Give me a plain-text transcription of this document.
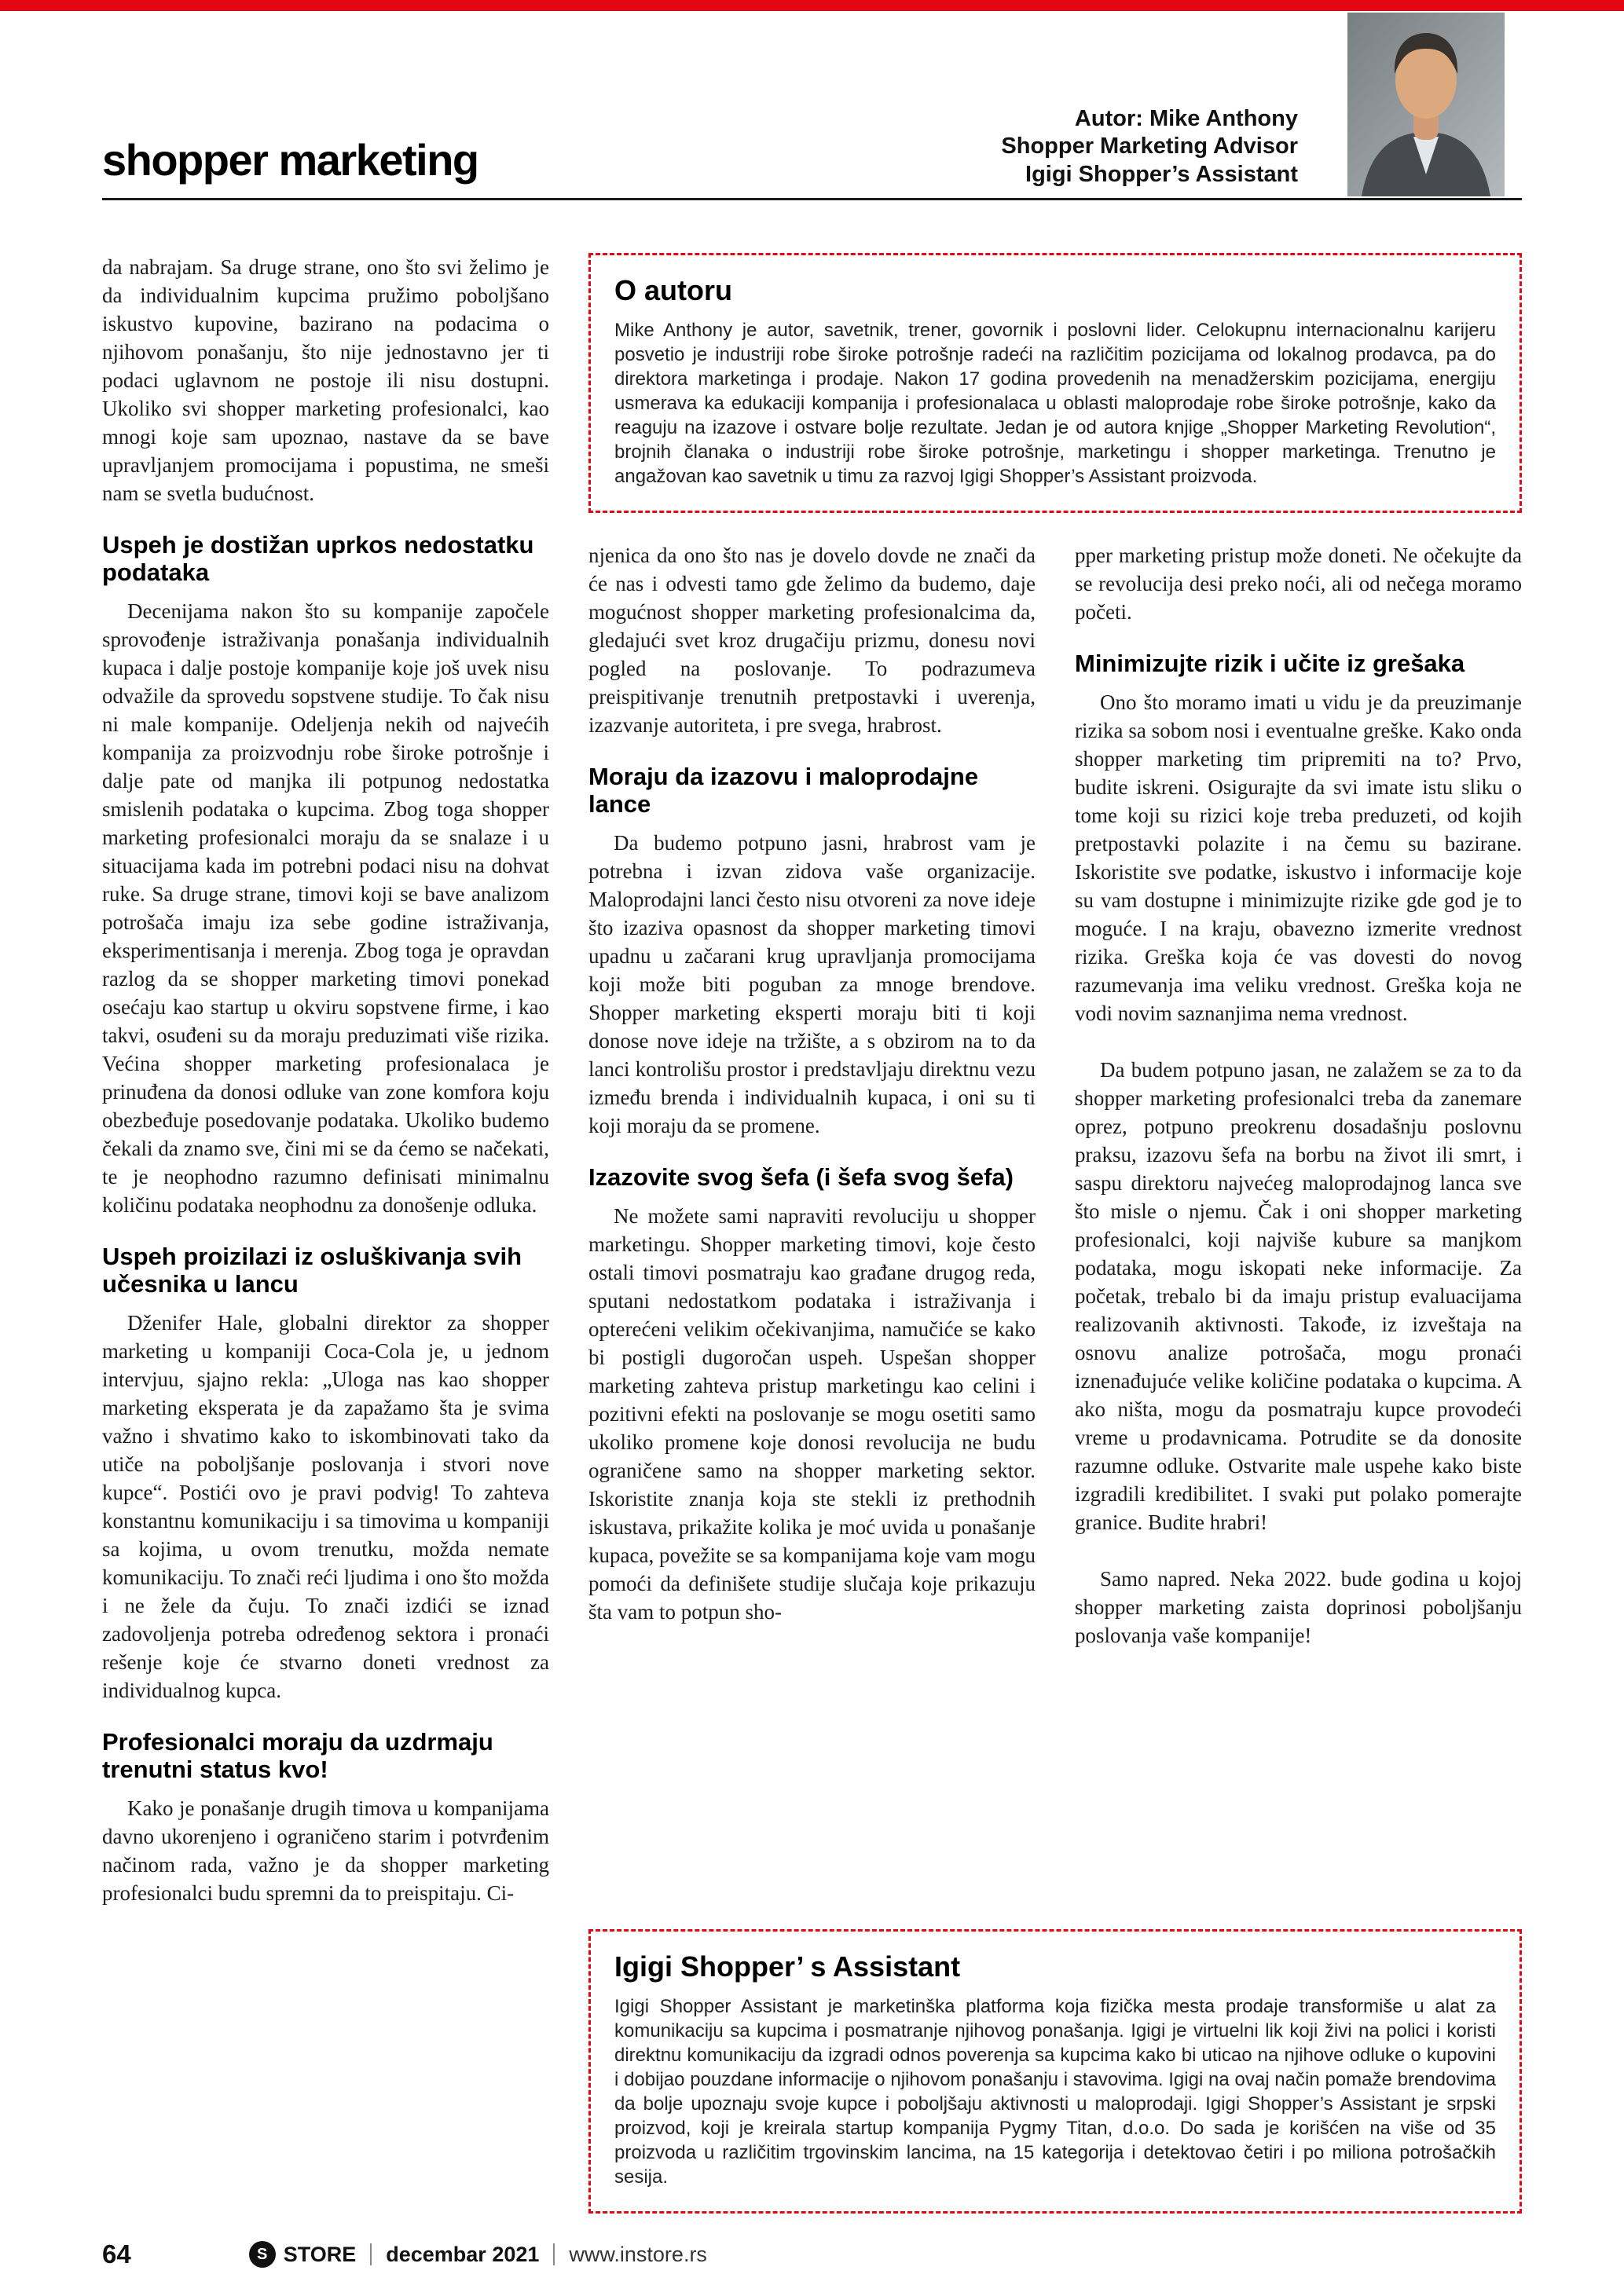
shopper marketing
Autor: Mike Anthony
Shopper Marketing Advisor
Igigi Shopper’s Assistant

da nabrajam. Sa druge strane, ono što svi želimo je da individualnim kupcima pružimo poboljšano iskustvo kupovine, bazirano na podacima o njihovom ponašanju, što nije jednostavno jer ti podaci uglavnom ne postoje ili nisu dostupni. Ukoliko svi shopper marketing profesionalci, kao mnogi koje sam upoznao, nastave da se bave upravljanjem promocijama i popustima, ne smeši nam se svetla budućnost.

Uspeh je dostižan uprkos nedostatku podataka

Decenijama nakon što su kompanije započele sprovođenje istraživanja ponašanja individualnih kupaca i dalje postoje kompanije koje još uvek nisu odvažile da sprovedu sopstvene studije. To čak nisu ni male kompanije. Odeljenja nekih od najvećih kompanija za proizvodnju robe široke potrošnje i dalje pate od manjka ili potpunog nedostatka smislenih podataka o kupcima. Zbog toga shopper marketing profesionalci moraju da se snalaze i u situacijama kada im potrebni podaci nisu na dohvat ruke. Sa druge strane, timovi koji se bave analizom potrošača imaju iza sebe godine istraživanja, eksperimentisanja i merenja. Zbog toga je opravdan razlog da se shopper marketing timovi ponekad osećaju kao startup u okviru sopstvene firme, i kao takvi, osuđeni su da moraju preduzimati više rizika. Većina shopper marketing profesionalaca je prinuđena da donosi odluke van zone komfora koju obezbeđuje posedovanje podataka. Ukoliko budemo čekali da znamo sve, čini mi se da ćemo se načekati, te je neophodno razumno definisati minimalnu količinu podataka neophodnu za donošenje odluka.

Uspeh proizilazi iz osluškivanja svih učesnika u lancu

Dženifer Hale, globalni direktor za shopper marketing u kompaniji Coca-Cola je, u jednom intervjuu, sjajno rekla: „Uloga nas kao shopper marketing eksperata je da zapažamo šta je svima važno i shvatimo kako to iskombinovati tako da utiče na poboljšanje poslovanja i stvori nove kupce“. Postići ovo je pravi podvig! To zahteva konstantnu komunikaciju i sa timovima u kompaniji sa kojima, u ovom trenutku, možda nemate komunikaciju. To znači reći ljudima i ono što možda i ne žele da čuju. To znači izdići se iznad zadovoljenja potreba određenog sektora i pronaći rešenje koje će stvarno doneti vrednost za individualnog kupca.

Profesionalci moraju da uzdrmaju trenutni status kvo!

Kako je ponašanje drugih timova u kompanijama davno ukorenjeno i ograničeno starim i potvrđenim načinom rada, važno je da shopper marketing profesionalci budu spremni da to preispitaju. Ci-

O autoru

Mike Anthony je autor, savetnik, trener, govornik i poslovni lider. Celokupnu internacionalnu karijeru posvetio je industriji robe široke potrošnje radeći na različitim pozicijama od lokalnog prodavca, pa do direktora marketinga i prodaje. Nakon 17 godina provedenih na menadžerskim pozicijama, energiju usmerava ka edukaciji kompanija i profesionalaca u oblasti maloprodaje robe široke potrošnje, kako da reaguju na izazove i ostvare bolje rezultate. Jedan je od autora knjige „Shopper Marketing Revolution“, brojnih članaka o industriji robe široke potrošnje, marketingu i shopper marketinga. Trenutno je angažovan kao savetnik u timu za razvoj Igigi Shopper’s Assistant proizvoda.

njenica da ono što nas je dovelo dovde ne znači da će nas i odvesti tamo gde želimo da budemo, daje mogućnost shopper marketing profesionalcima da, gledajući svet kroz drugačiju prizmu, donesu novi pogled na poslovanje. To podrazumeva preispitivanje trenutnih pretpostavki i uverenja, izazvanje autoriteta, i pre svega, hrabrost.

Moraju da izazovu i maloprodajne lance

Da budemo potpuno jasni, hrabrost vam je potrebna i izvan zidova vaše organizacije. Maloprodajni lanci često nisu otvoreni za nove ideje što izaziva opasnost da shopper marketing timovi upadnu u začarani krug upravljanja promocijama koji može biti poguban za mnoge brendove. Shopper marketing eksperti moraju biti ti koji donose nove ideje na tržište, a s obzirom na to da lanci kontrolišu prostor i predstavljaju direktnu vezu između brenda i individualnih kupaca, i oni su ti koji moraju da se promene.

Izazovite svog šefa (i šefa svog šefa)

Ne možete sami napraviti revoluciju u shopper marketingu. Shopper marketing timovi, koje često ostali timovi posmatraju kao građane drugog reda, sputani nedostatkom podataka i istraživanja i opterećeni velikim očekivanjima, namučiće se kako bi postigli dugoročan uspeh. Uspešan shopper marketing zahteva pristup marketingu kao celini i pozitivni efekti na poslovanje se mogu osetiti samo ukoliko promene koje donosi revolucija ne budu ograničene samo na shopper marketing sektor. Iskoristite znanja koja ste stekli iz prethodnih iskustava, prikažite kolika je moć uvida u ponašanje kupaca, povežite se sa kompanijama koje vam mogu pomoći da definišete studije slučaja koje prikazuju šta vam to potpun sho-

pper marketing pristup može doneti. Ne očekujte da se revolucija desi preko noći, ali od nečega moramo početi.

Minimizujte rizik i učite iz grešaka

Ono što moramo imati u vidu je da preuzimanje rizika sa sobom nosi i eventualne greške. Kako onda shopper marketing tim pripremiti na to? Prvo, budite iskreni. Osigurajte da svi imate istu sliku o tome koji su rizici koje treba preduzeti, od kojih pretpostavki polazite i na čemu su bazirane. Iskoristite sve podatke, iskustvo i informacije koje su vam dostupne i minimizujte rizike gde god je to moguće. I na kraju, obavezno izmerite vrednost rizika. Greška koja će vas dovesti do novog razumevanja ima veliku vrednost. Greška koja ne vodi novim saznanjima nema vrednost.

Da budem potpuno jasan, ne zalažem se za to da shopper marketing profesionalci treba da zanemare oprez, potpuno preokrenu dosadašnju poslovnu praksu, izazovu šefa na borbu na život ili smrt, i saspu direktoru najvećeg maloprodajnog lanca sve što misle o njemu. Čak i oni shopper marketing profesionalci, koji najviše kubure sa manjkom podataka, mogu iskopati neke informacije. Za početak, trebalo bi da imaju pristup evaluacijama realizovanih aktivnosti. Takođe, iz izveštaja na osnovu analize potrošača, mogu pronaći iznenađujuće velike količine podataka o kupcima. A ako ništa, mogu da posmatraju kupce provodeći vreme u prodavnicama. Potrudite se da donosite razumne odluke. Ostvarite male uspehe kako biste izgradili kredibilitet. I svaki put polako pomerajte granice. Budite hrabri!

Samo napred. Neka 2022. bude godina u kojoj shopper marketing zaista doprinosi poboljšanju poslovanja vaše kompanije!

Igigi Shopper’ s Assistant

Igigi Shopper Assistant je marketinška platforma koja fizička mesta prodaje transformiše u alat za komunikaciju sa kupcima i posmatranje njihovog ponašanja. Igigi je virtuelni lik koji živi na polici i koristi direktnu komunikaciju da izgradi odnos poverenja sa kupcima kako bi uticao na njihove odluke o kupovini i dobijao pouzdane informacije o njihovom ponašanju i stavovima. Igigi na ovaj način pomaže brendovima da bolje upoznaju svoje kupce i poboljšaju aktivnosti u maloprodaji. Igigi Shopper’s Assistant je srpski proizvod, koji je kreirala startup kompanija Pygmy Titan, d.o.o. Do sada je korišćen na više od 35 proizvoda u različitim trgovinskim lancima, na 15 kategorija i detektovao četiri i po miliona potrošačkih sesija.

64	S STORE decembar 2021 www.instore.rs
